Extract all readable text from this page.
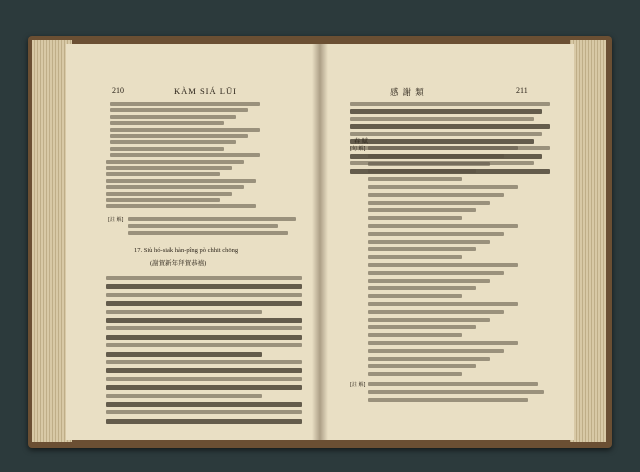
210	KÀM SIÁ LŪI
[註 解]
17. Siù hó-sia̍k hàn-pîng pò chhit chōng
(謝賀新年拜賀恭禧)
感 謝 類	211
[句 解]
[註 解]
春 賦
